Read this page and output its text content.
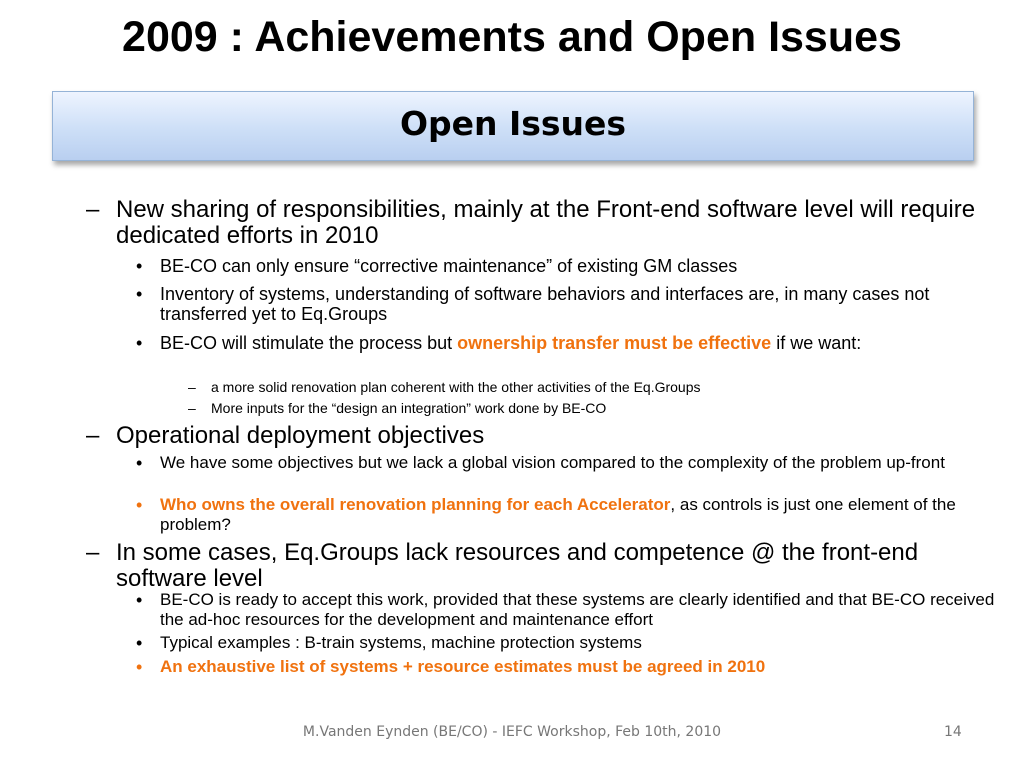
2009 : Achievements and Open Issues
Open Issues
– New sharing of responsibilities, mainly at the Front-end software level will require dedicated efforts in 2010
• BE-CO can only ensure “corrective maintenance” of existing GM classes
• Inventory of systems, understanding of software behaviors and interfaces are, in many cases not transferred yet to Eq.Groups
• BE-CO will stimulate the process but ownership transfer must be effective if we want:
– a more solid renovation plan coherent with the other activities of the Eq.Groups
– More inputs for the “design an integration” work done by BE-CO
– Operational deployment objectives
• We have some objectives but we lack a global vision compared to the complexity of the problem up-front
• Who owns the overall renovation planning for each Accelerator, as controls is just one element of the problem?
– In some cases, Eq.Groups lack resources and competence @ the front-end software level
• BE-CO is ready to accept this work, provided that these systems are clearly identified and that BE-CO received the ad-hoc resources for the development and maintenance effort
• Typical examples : B-train systems, machine protection systems
• An exhaustive list of systems + resource estimates must be agreed in 2010
M.Vanden Eynden (BE/CO) - IEFC Workshop, Feb 10th, 2010	14
